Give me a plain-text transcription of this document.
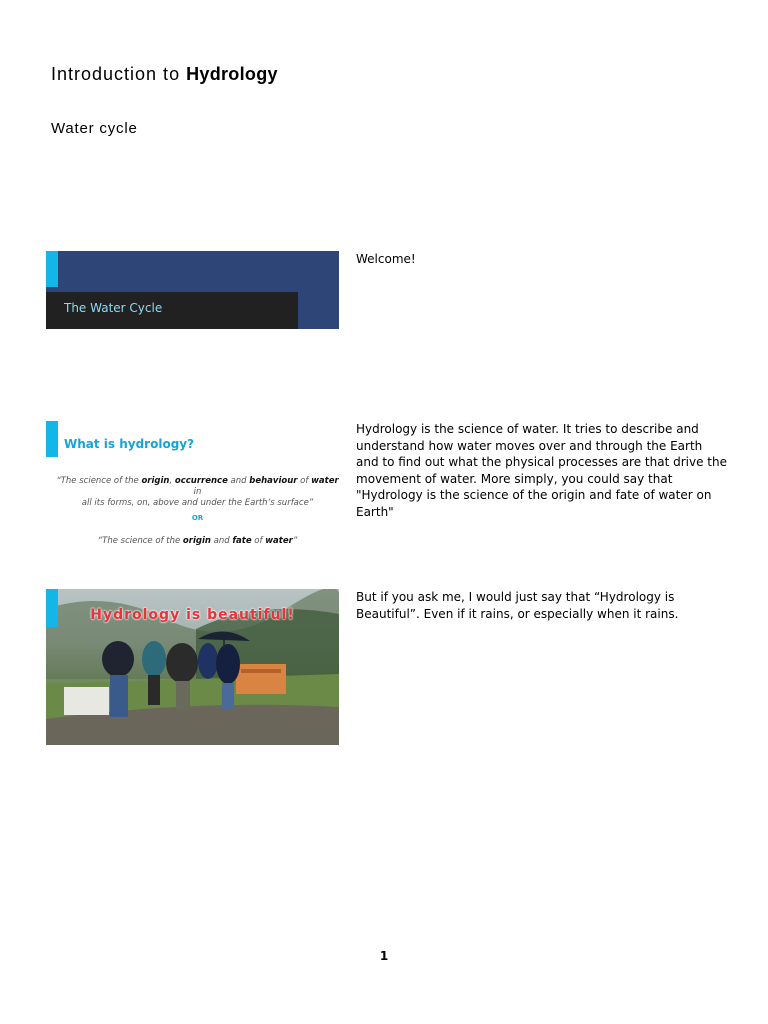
Introduction to Hydrology
Water cycle
The Water Cycle
Welcome!
What is hydrology?
“The science of the origin, occurrence and behaviour of water in
all its forms, on, above and under the Earth’s surface”
OR
“The science of the origin and fate of water”
Hydrology is the science of water. It tries to describe and understand how water moves over and through the Earth and to find out what the physical processes are that drive the movement of water. More simply, you could say that "Hydrology is the science of the origin and fate of water on Earth"
Hydrology is beautiful!
But if you ask me, I would just say that “Hydrology is Beautiful”. Even if it rains, or especially when it rains.
1
